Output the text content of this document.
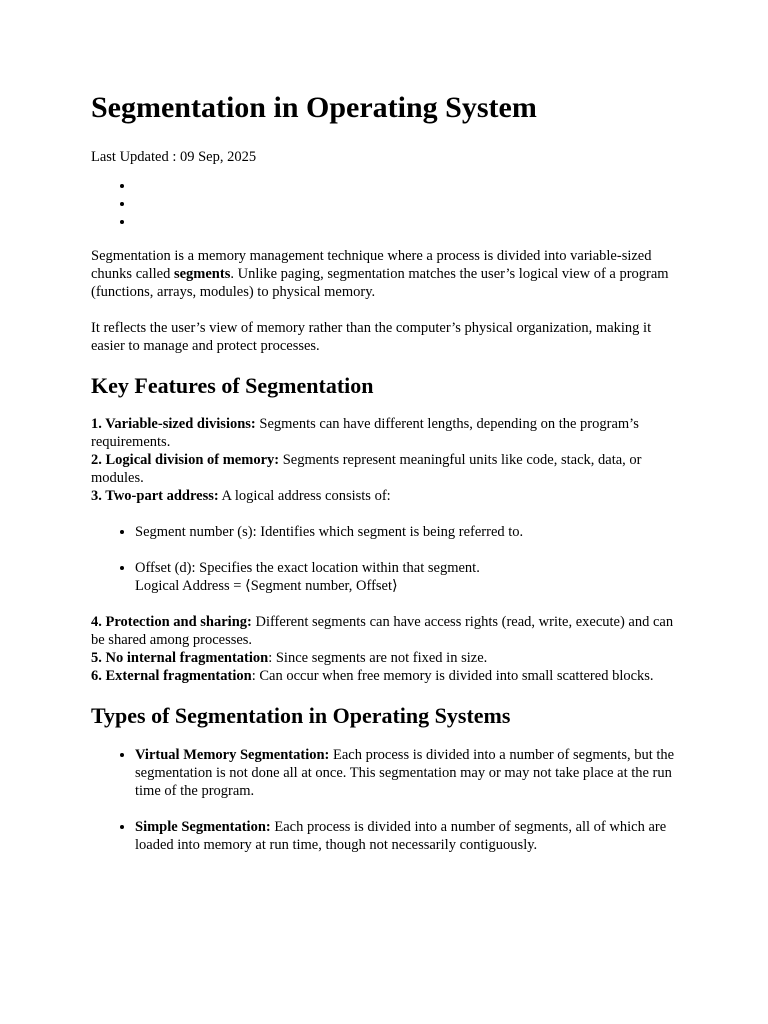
Segmentation in Operating System
Last Updated : 09 Sep, 2025
•
•
•

Segmentation is a memory management technique where a process is divided into variable-sized chunks called segments. Unlike paging, segmentation matches the user’s logical view of a program (functions, arrays, modules) to physical memory.

It reflects the user’s view of memory rather than the computer’s physical organization, making it easier to manage and protect processes.

Key Features of Segmentation
1. Variable-sized divisions: Segments can have different lengths, depending on the program’s requirements.
2. Logical division of memory: Segments represent meaningful units like code, stack, data, or modules.
3. Two-part address: A logical address consists of:
• Segment number (s): Identifies which segment is being referred to.
• Offset (d): Specifies the exact location within that segment.
Logical Address = ⟨Segment number, Offset⟩
4. Protection and sharing: Different segments can have access rights (read, write, execute) and can be shared among processes.
5. No internal fragmentation: Since segments are not fixed in size.
6. External fragmentation: Can occur when free memory is divided into small scattered blocks.
Types of Segmentation in Operating Systems
• Virtual Memory Segmentation: Each process is divided into a number of segments, but the segmentation is not done all at once. This segmentation may or may not take place at the run time of the program.
• Simple Segmentation: Each process is divided into a number of segments, all of which are loaded into memory at run time, though not necessarily contiguously.
